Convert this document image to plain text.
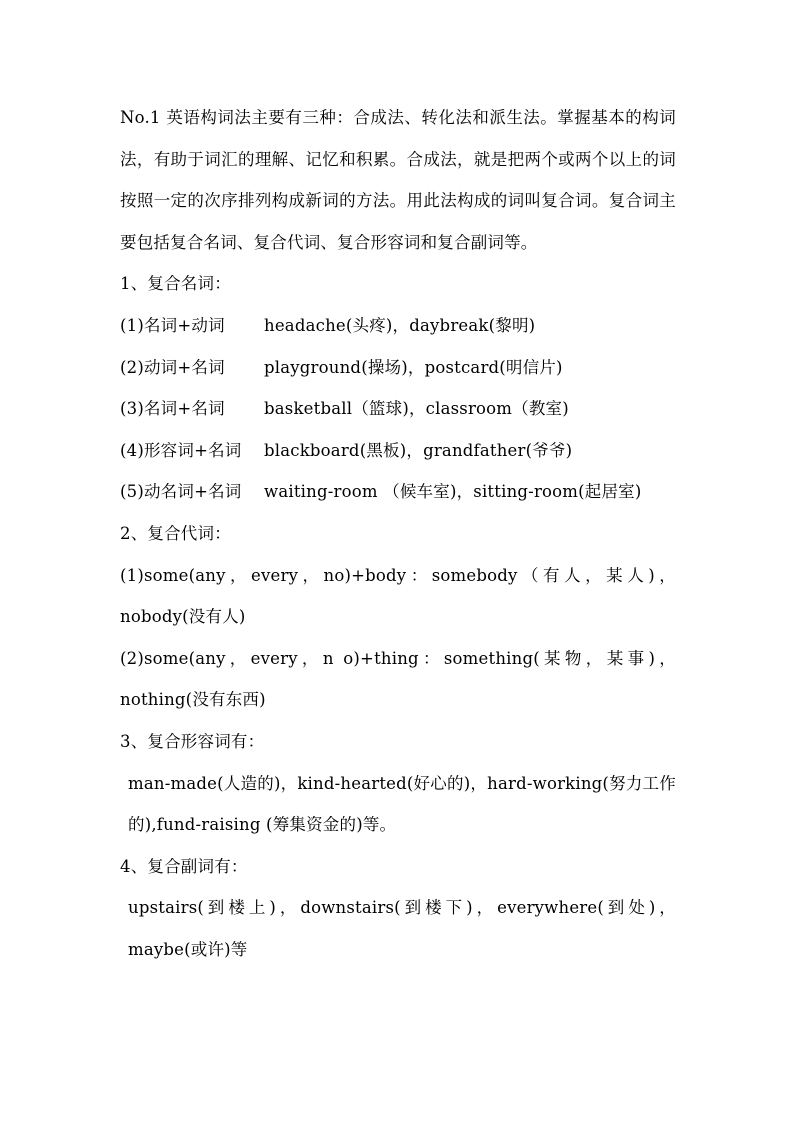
No.1 英语构词法主要有三种：合成法、转化法和派生法。掌握基本的构词法，有助于词汇的理解、记忆和积累。合成法，就是把两个或两个以上的词按照一定的次序排列构成新词的方法。用此法构成的词叫复合词。复合词主要包括复合名词、复合代词、复合形容词和复合副词等。

1、复合名词：
(1)名词+动词	headache(头疼)，daybreak(黎明)
(2)动词+名词	playground(操场)，postcard(明信片)
(3)名词+名词	basketball（篮球)，classroom（教室)
(4)形容词+名词	blackboard(黑板)，grandfather(爷爷)
(5)动名词+名词	waiting-room （候车室)，sitting-room(起居室)
2、复合代词：

(1)some(any，every，no)+body：somebody（有人，某人)，nobody(没有人)

(2)some(any，every，n o)+thing：something(某物，某事)，nothing(没有东西)

3、复合形容词有：

man-made(人造的)，kind-hearted(好心的)，hard-working(努力工作的),fund-raising (筹集资金的)等。

4、复合副词有：

upstairs(到楼上)，downstairs(到楼下)，everywhere(到处)，maybe(或许)等
